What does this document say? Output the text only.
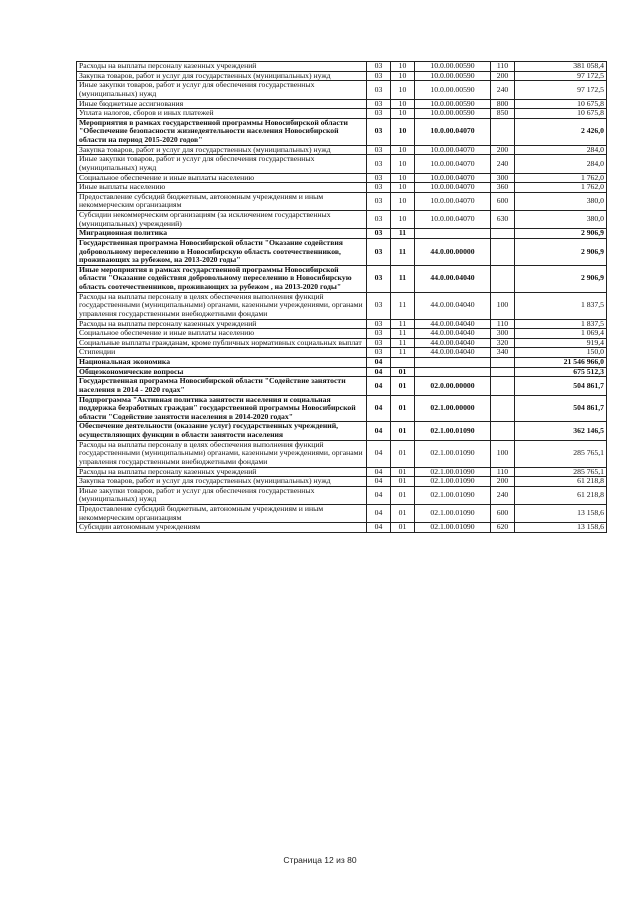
Расходы на выплаты персоналу казенных учреждений	03	10	10.0.00.00590	110	381 058,4
Закупка товаров, работ и услуг для государственных (муниципальных) нужд	03	10	10.0.00.00590	200	97 172,5
Иные закупки товаров, работ и услуг для обеспечения государственных (муниципальных) нужд	03	10	10.0.00.00590	240	97 172,5
Иные бюджетные ассигнования	03	10	10.0.00.00590	800	10 675,8
Уплата налогов, сборов и иных платежей	03	10	10.0.00.00590	850	10 675,8
Мероприятия в рамках государственной программы Новосибирской области "Обеспечение безопасности жизнедеятельности населения Новосибирской области на период 2015-2020 годов"	03	10	10.0.00.04070		2 426,0
Закупка товаров, работ и услуг для государственных (муниципальных) нужд	03	10	10.0.00.04070	200	284,0
Иные закупки товаров, работ и услуг для обеспечения государственных (муниципальных) нужд	03	10	10.0.00.04070	240	284,0
Социальное обеспечение и иные выплаты населению	03	10	10.0.00.04070	300	1 762,0
Иные выплаты населению	03	10	10.0.00.04070	360	1 762,0
Предоставление субсидий бюджетным, автономным учреждениям и иным некоммерческим организациям	03	10	10.0.00.04070	600	380,0
Субсидии некоммерческим организациям (за исключением государственных (муниципальных) учреждений)	03	10	10.0.00.04070	630	380,0
Миграционная политика	03	11			2 906,9
Государственная программа Новосибирской области "Оказание содействия добровольному переселению в Новосибирскую область соотечественников, проживающих за рубежом, на 2013-2020 годы"	03	11	44.0.00.00000		2 906,9
Иные мероприятия в рамках государственной программы Новосибирской области "Оказание содействия добровольному переселению в Новосибирскую область соотечественников, проживающих за рубежом , на 2013-2020 годы"	03	11	44.0.00.04040		2 906,9
Расходы на выплаты персоналу в целях обеспечения выполнения функций государственными (муниципальными) органами, казенными учреждениями, органами управления государственными внебюджетными фондами	03	11	44.0.00.04040	100	1 837,5
Расходы на выплаты персоналу казенных учреждений	03	11	44.0.00.04040	110	1 837,5
Социальное обеспечение и иные выплаты населению	03	11	44.0.00.04040	300	1 069,4
Социальные выплаты гражданам, кроме публичных нормативных социальных выплат	03	11	44.0.00.04040	320	919,4
Стипендии	03	11	44.0.00.04040	340	150,0
Национальная экономика	04				21 546 966,0
Общеэкономические вопросы	04	01			675 512,3
Государственная программа Новосибирской области "Содействие занятости населения в 2014 - 2020 годах"	04	01	02.0.00.00000		504 861,7
Подпрограмма "Активная политика занятости населения и социальная поддержка безработных граждан" государственной программы Новосибирской области "Содействие занятости населения в 2014-2020 годах"	04	01	02.1.00.00000		504 861,7
Обеспечение деятельности (оказание услуг) государственных учреждений, осуществляющих функции в области занятости населения	04	01	02.1.00.01090		362 146,5
Расходы на выплаты персоналу в целях обеспечения выполнения функций государственными (муниципальными) органами, казенными учреждениями, органами управления государственными внебюджетными фондами	04	01	02.1.00.01090	100	285 765,1
Расходы на выплаты персоналу казенных учреждений	04	01	02.1.00.01090	110	285 765,1
Закупка товаров, работ и услуг для государственных (муниципальных) нужд	04	01	02.1.00.01090	200	61 218,8
Иные закупки товаров, работ и услуг для обеспечения государственных (муниципальных) нужд	04	01	02.1.00.01090	240	61 218,8
Предоставление субсидий бюджетным, автономным учреждениям и иным некоммерческим организациям	04	01	02.1.00.01090	600	13 158,6
Субсидии автономным учреждениям	04	01	02.1.00.01090	620	13 158,6
Страница 12 из 80
